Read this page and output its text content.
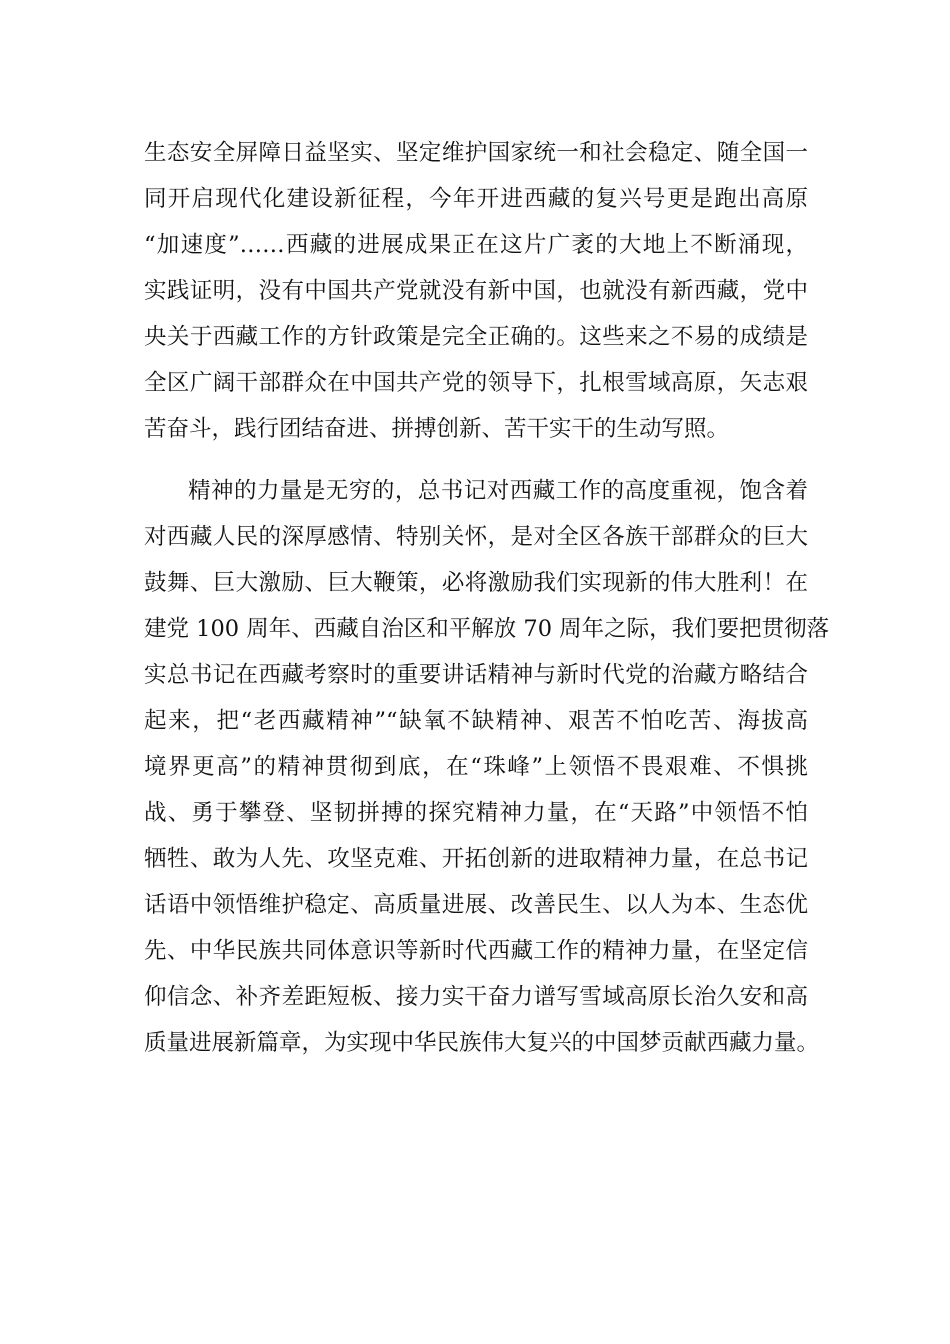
生态安全屏障日益坚实、坚定维护国家统一和社会稳定、随全国一
同开启现代化建设新征程，今年开进西藏的复兴号更是跑出高原
“加速度”……西藏的进展成果正在这片广袤的大地上不断涌现，
实践证明，没有中国共产党就没有新中国，也就没有新西藏，党中
央关于西藏工作的方针政策是完全正确的。这些来之不易的成绩是
全区广阔干部群众在中国共产党的领导下，扎根雪域高原，矢志艰
苦奋斗，践行团结奋进、拼搏创新、苦干实干的生动写照。
精神的力量是无穷的，总书记对西藏工作的高度重视，饱含着
对西藏人民的深厚感情、特别关怀，是对全区各族干部群众的巨大
鼓舞、巨大激励、巨大鞭策，必将激励我们实现新的伟大胜利！在
建党 100 周年、西藏自治区和平解放 70 周年之际，我们要把贯彻落
实总书记在西藏考察时的重要讲话精神与新时代党的治藏方略结合
起来，把“老西藏精神”“缺氧不缺精神、艰苦不怕吃苦、海拔高
境界更高”的精神贯彻到底，在“珠峰”上领悟不畏艰难、不惧挑
战、勇于攀登、坚韧拼搏的探究精神力量，在“天路”中领悟不怕
牺牲、敢为人先、攻坚克难、开拓创新的进取精神力量，在总书记
话语中领悟维护稳定、高质量进展、改善民生、以人为本、生态优
先、中华民族共同体意识等新时代西藏工作的精神力量，在坚定信
仰信念、补齐差距短板、接力实干奋力谱写雪域高原长治久安和高
质量进展新篇章，为实现中华民族伟大复兴的中国梦贡献西藏力量。
